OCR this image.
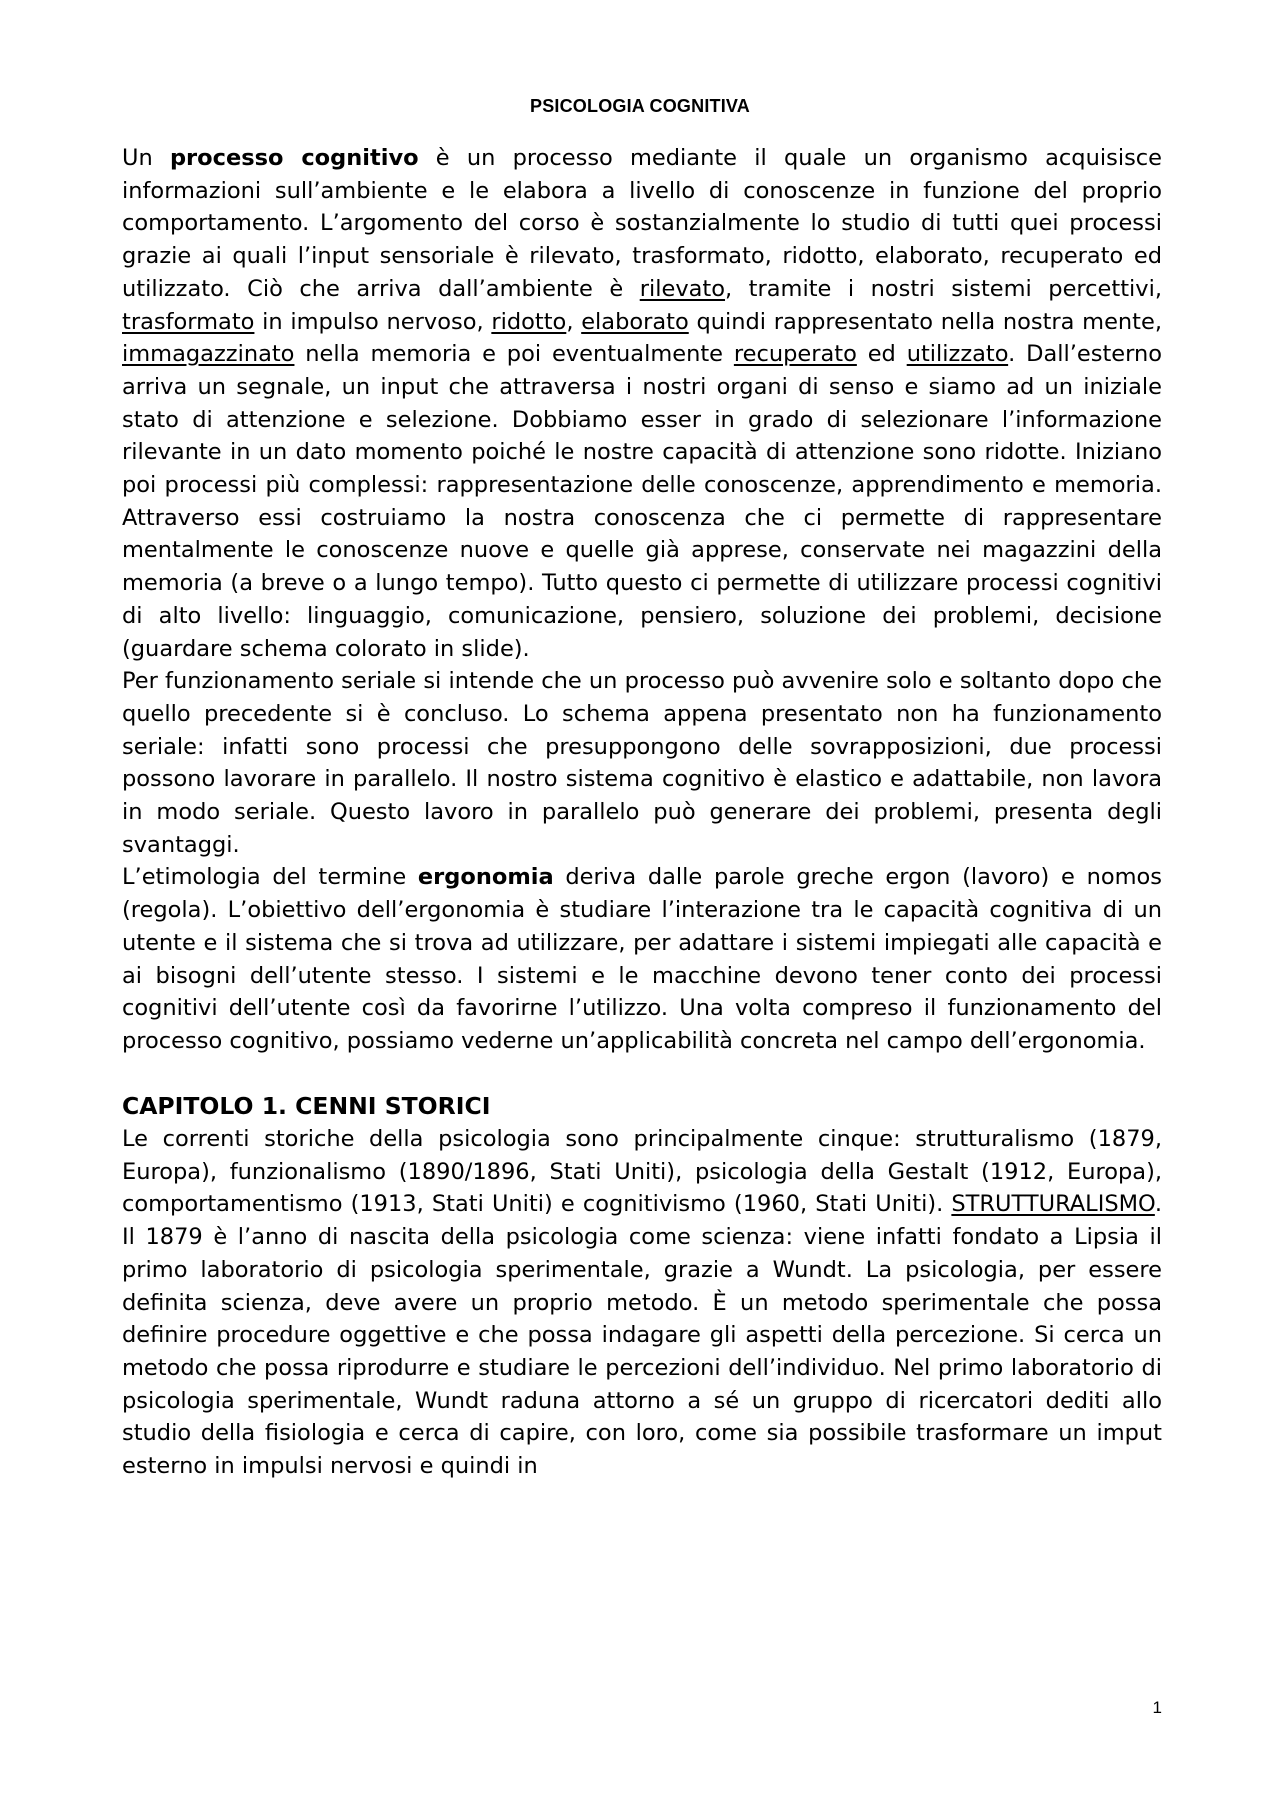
PSICOLOGIA COGNITIVA

Un processo cognitivo è un processo mediante il quale un organismo acquisisce informazioni sull’ambiente e le elabora a livello di conoscenze in funzione del proprio comportamento. L’argomento del corso è sostanzialmente lo studio di tutti quei processi grazie ai quali l’input sensoriale è rilevato, trasformato, ridotto, elaborato, recuperato ed utilizzato. Ciò che arriva dall’ambiente è rilevato, tramite i nostri sistemi percettivi, trasformato in impulso nervoso, ridotto, elaborato quindi rappresentato nella nostra mente, immagazzinato nella memoria e poi eventualmente recuperato ed utilizzato. Dall’esterno arriva un segnale, un input che attraversa i nostri organi di senso e siamo ad un iniziale stato di attenzione e selezione. Dobbiamo esser in grado di selezionare l’informazione rilevante in un dato momento poiché le nostre capacità di attenzione sono ridotte. Iniziano poi processi più complessi: rappresentazione delle conoscenze, apprendimento e memoria. Attraverso essi costruiamo la nostra conoscenza che ci permette di rappresentare mentalmente le conoscenze nuove e quelle già apprese, conservate nei magazzini della memoria (a breve o a lungo tempo). Tutto questo ci permette di utilizzare processi cognitivi di alto livello: linguaggio, comunicazione, pensiero, soluzione dei problemi, decisione (guardare schema colorato in slide).

Per funzionamento seriale si intende che un processo può avvenire solo e soltanto dopo che quello precedente si è concluso. Lo schema appena presentato non ha funzionamento seriale: infatti sono processi che presuppongono delle sovrapposizioni, due processi possono lavorare in parallelo. Il nostro sistema cognitivo è elastico e adattabile, non lavora in modo seriale. Questo lavoro in parallelo può generare dei problemi, presenta degli svantaggi.

L’etimologia del termine ergonomia deriva dalle parole greche ergon (lavoro) e nomos (regola). L’obiettivo dell’ergonomia è studiare l’interazione tra le capacità cognitiva di un utente e il sistema che si trova ad utilizzare, per adattare i sistemi impiegati alle capacità e ai bisogni dell’utente stesso. I sistemi e le macchine devono tener conto dei processi cognitivi dell’utente così da favorirne l’utilizzo. Una volta compreso il funzionamento del processo cognitivo, possiamo vederne un’applicabilità concreta nel campo dell’ergonomia.

CAPITOLO 1. CENNI STORICI

Le correnti storiche della psicologia sono principalmente cinque: strutturalismo (1879, Europa), funzionalismo (1890/1896, Stati Uniti), psicologia della Gestalt (1912, Europa), comportamentismo (1913, Stati Uniti) e cognitivismo (1960, Stati Uniti). STRUTTURALISMO. Il 1879 è l’anno di nascita della psicologia come scienza: viene infatti fondato a Lipsia il primo laboratorio di psicologia sperimentale, grazie a Wundt. La psicologia, per essere definita scienza, deve avere un proprio metodo. È un metodo sperimentale che possa definire procedure oggettive e che possa indagare gli aspetti della percezione. Si cerca un metodo che possa riprodurre e studiare le percezioni dell’individuo. Nel primo laboratorio di psicologia sperimentale, Wundt raduna attorno a sé un gruppo di ricercatori dediti allo studio della fisiologia e cerca di capire, con loro, come sia possibile trasformare un imput esterno in impulsi nervosi e quindi in

1
